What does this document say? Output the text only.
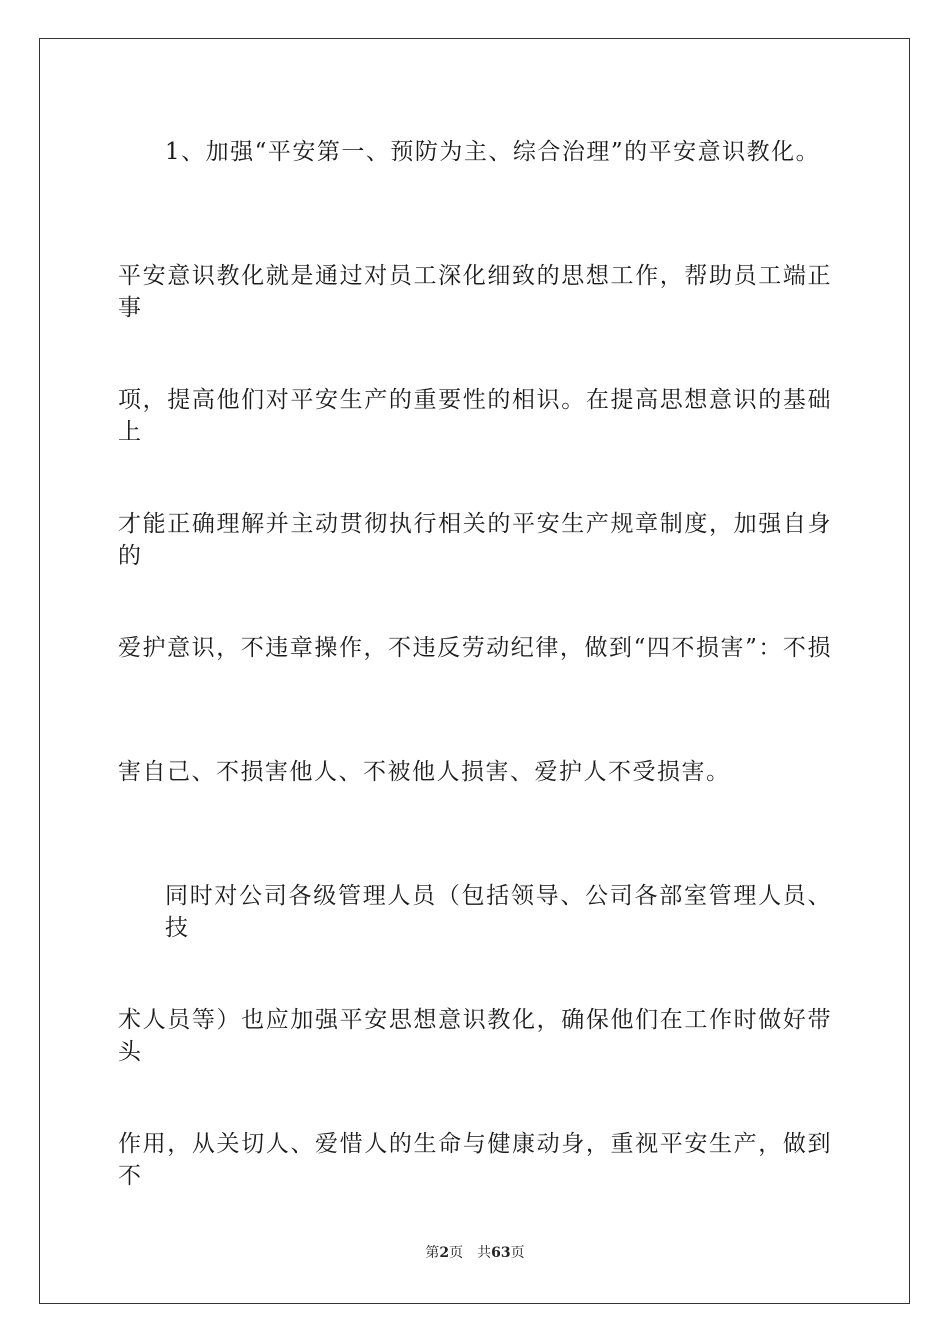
1、加强“平安第一、预防为主、综合治理”的平安意识教化。
平安意识教化就是通过对员工深化细致的思想工作，帮助员工端正事
项，提高他们对平安生产的重要性的相识。在提高思想意识的基础上
才能正确理解并主动贯彻执行相关的平安生产规章制度，加强自身的
爱护意识，不违章操作，不违反劳动纪律，做到“四不损害”：不损
害自己、不损害他人、不被他人损害、爱护人不受损害。
同时对公司各级管理人员（包括领导、公司各部室管理人员、技
术人员等）也应加强平安思想意识教化，确保他们在工作时做好带头
作用，从关切人、爱惜人的生命与健康动身，重视平安生产，做到不
第2页 共63页
